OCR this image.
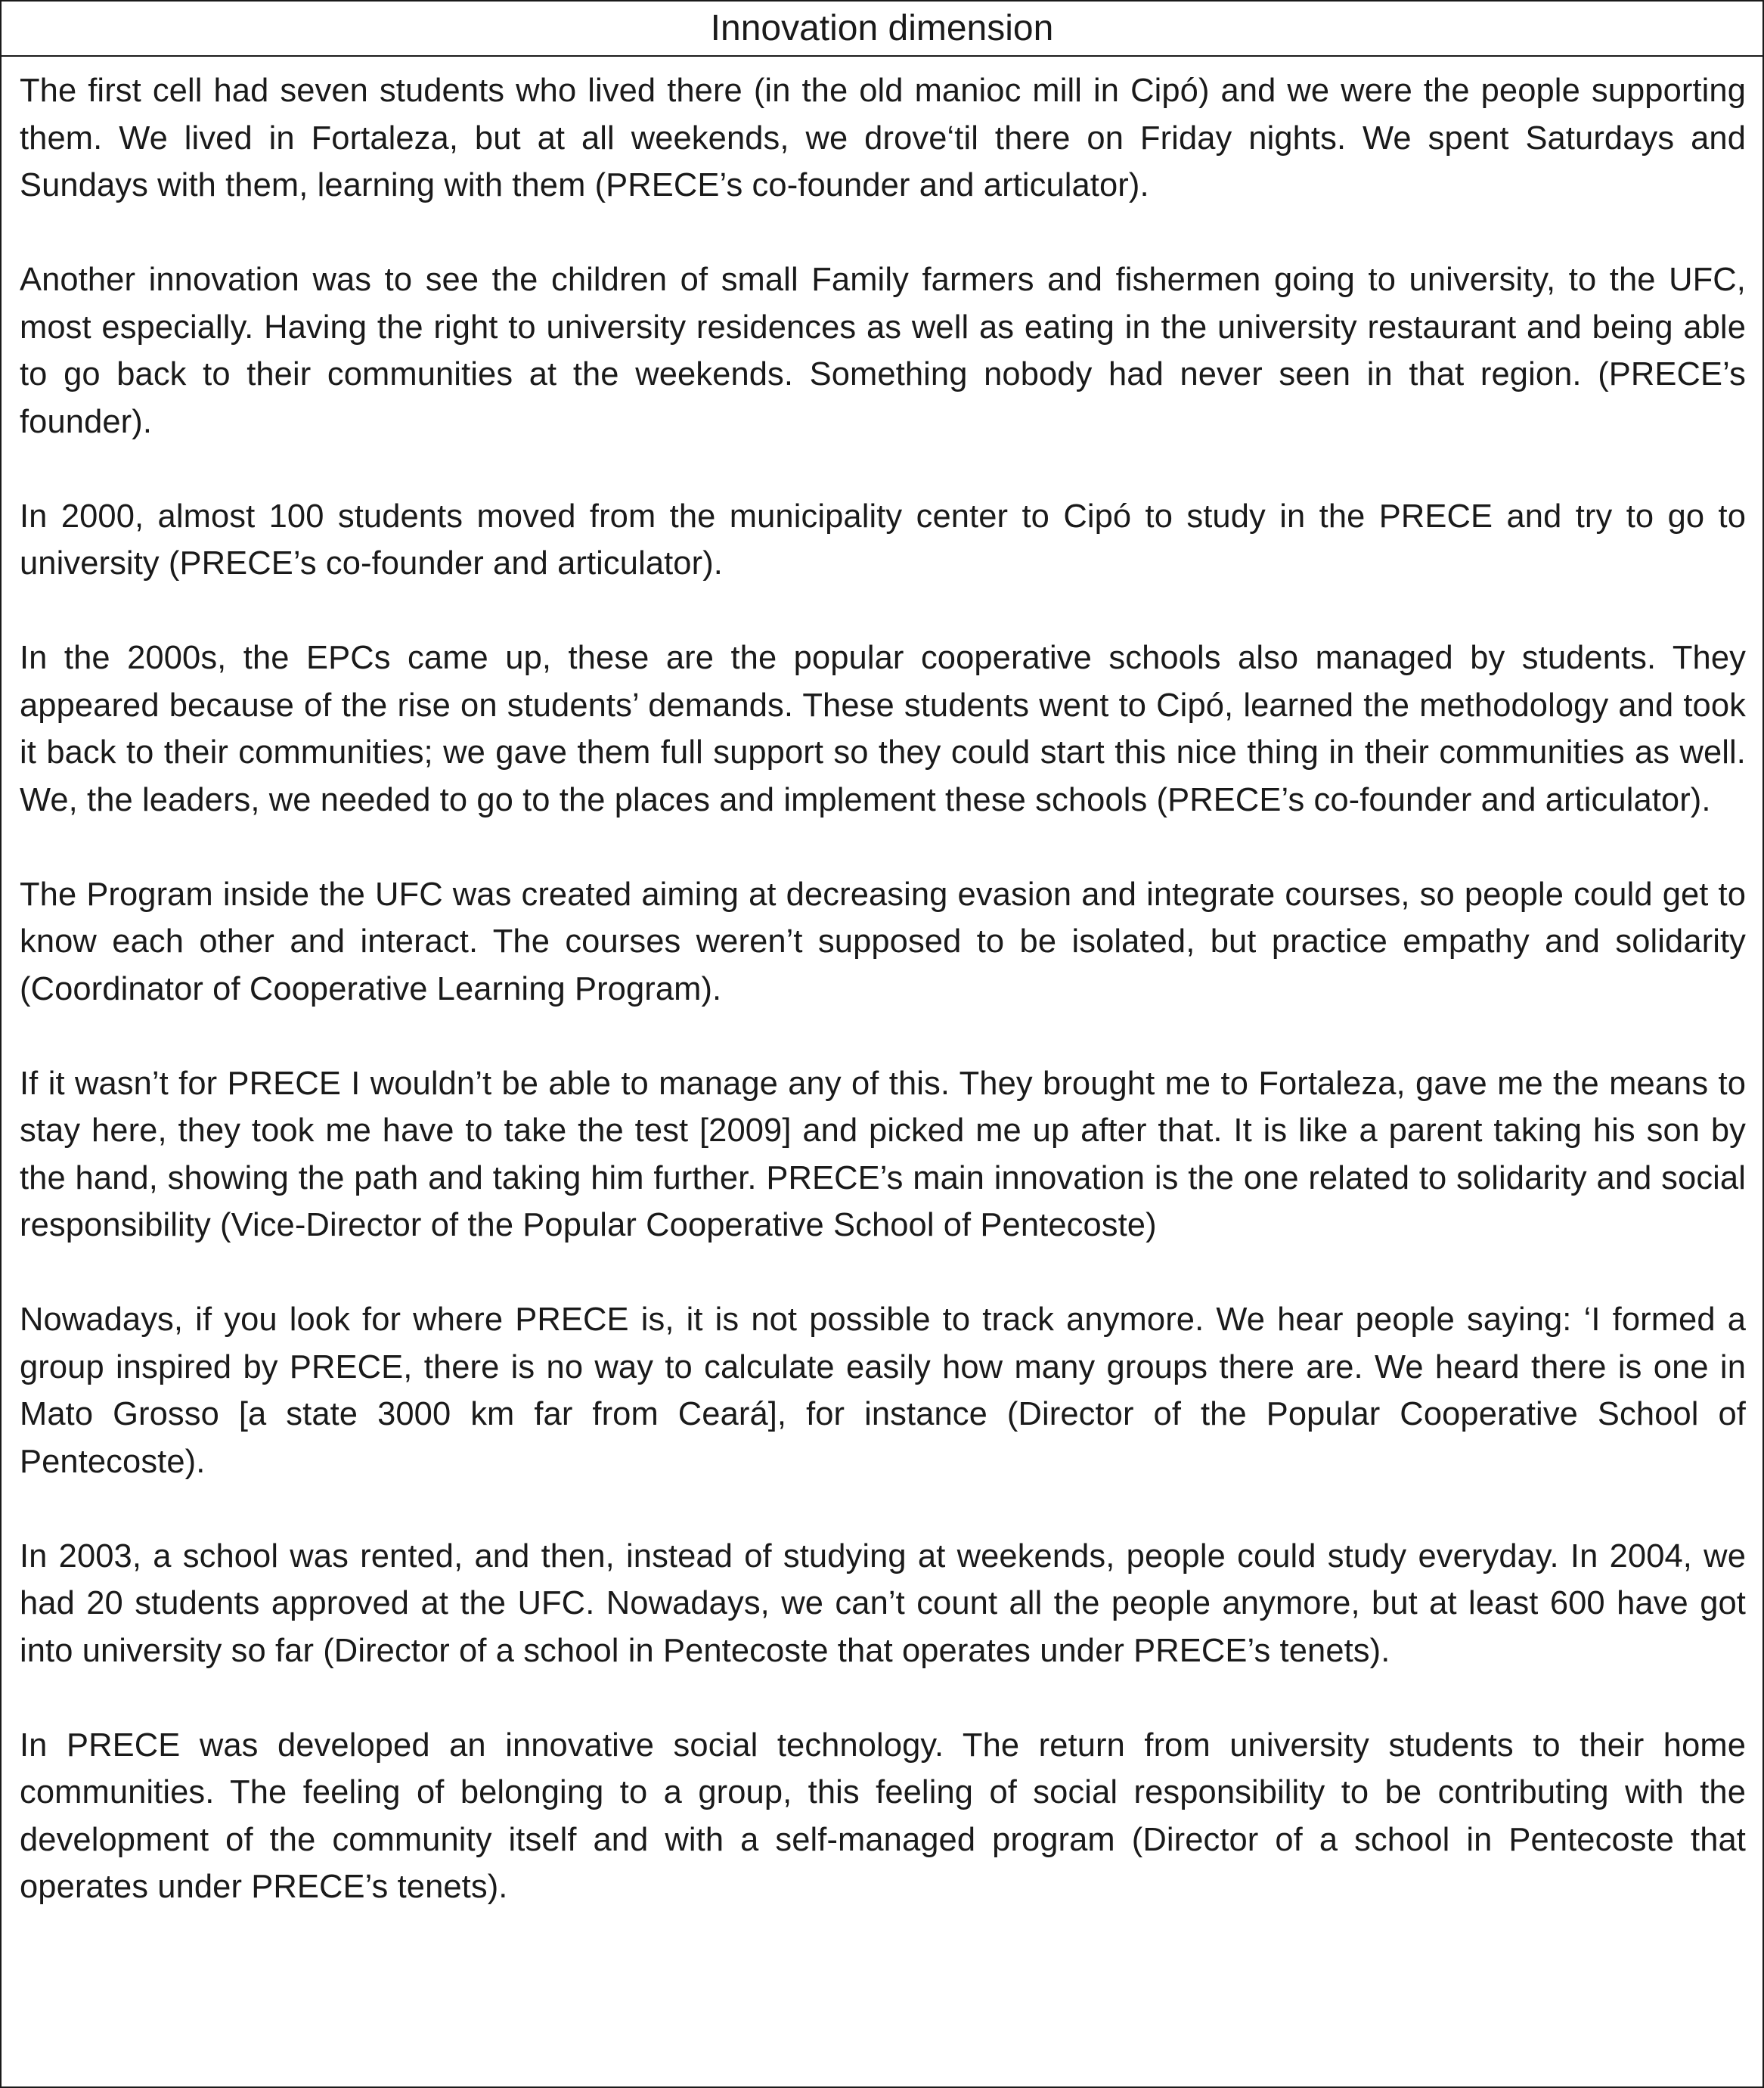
Innovation dimension

The first cell had seven students who lived there (in the old manioc mill in Cipó) and we were the people supporting them. We lived in Fortaleza, but at all weekends, we drove‘til there on Friday nights. We spent Saturdays and Sundays with them, learning with them (PRECE’s co-founder and articulator).

Another innovation was to see the children of small Family farmers and fishermen going to university, to the UFC, most especially. Having the right to university residences as well as eating in the university restaurant and being able to go back to their communities at the weekends. Something nobody had never seen in that region. (PRECE’s founder).

In 2000, almost 100 students moved from the municipality center to Cipó to study in the PRECE and try to go to university (PRECE’s co-founder and articulator).

In the 2000s, the EPCs came up, these are the popular cooperative schools also managed by students. They appeared because of the rise on students’ demands. These students went to Cipó, learned the methodology and took it back to their communities; we gave them full support so they could start this nice thing in their communities as well. We, the leaders, we needed to go to the places and implement these schools (PRECE’s co-founder and articulator).

The Program inside the UFC was created aiming at decreasing evasion and integrate courses, so people could get to know each other and interact. The courses weren’t supposed to be isolated, but practice empathy and solidarity (Coordinator of Cooperative Learning Program).

If it wasn’t for PRECE I wouldn’t be able to manage any of this. They brought me to Fortaleza, gave me the means to stay here, they took me have to take the test [2009] and picked me up after that. It is like a parent taking his son by the hand, showing the path and taking him further. PRECE’s main innovation is the one related to solidarity and social responsibility (Vice-Director of the Popular Cooperative School of Pentecoste)

Nowadays, if you look for where PRECE is, it is not possible to track anymore. We hear people saying: ‘I formed a group inspired by PRECE, there is no way to calculate easily how many groups there are. We heard there is one in Mato Grosso [a state 3000 km far from Ceará], for instance (Director of the Popular Cooperative School of Pentecoste).

In 2003, a school was rented, and then, instead of studying at weekends, people could study everyday. In 2004, we had 20 students approved at the UFC. Nowadays, we can’t count all the people anymore, but at least 600 have got into university so far (Director of a school in Pentecoste that operates under PRECE’s tenets).

In PRECE was developed an innovative social technology. The return from university students to their home communities. The feeling of belonging to a group, this feeling of social responsibility to be contributing with the development of the community itself and with a self-managed program (Director of a school in Pentecoste that operates under PRECE’s tenets).
